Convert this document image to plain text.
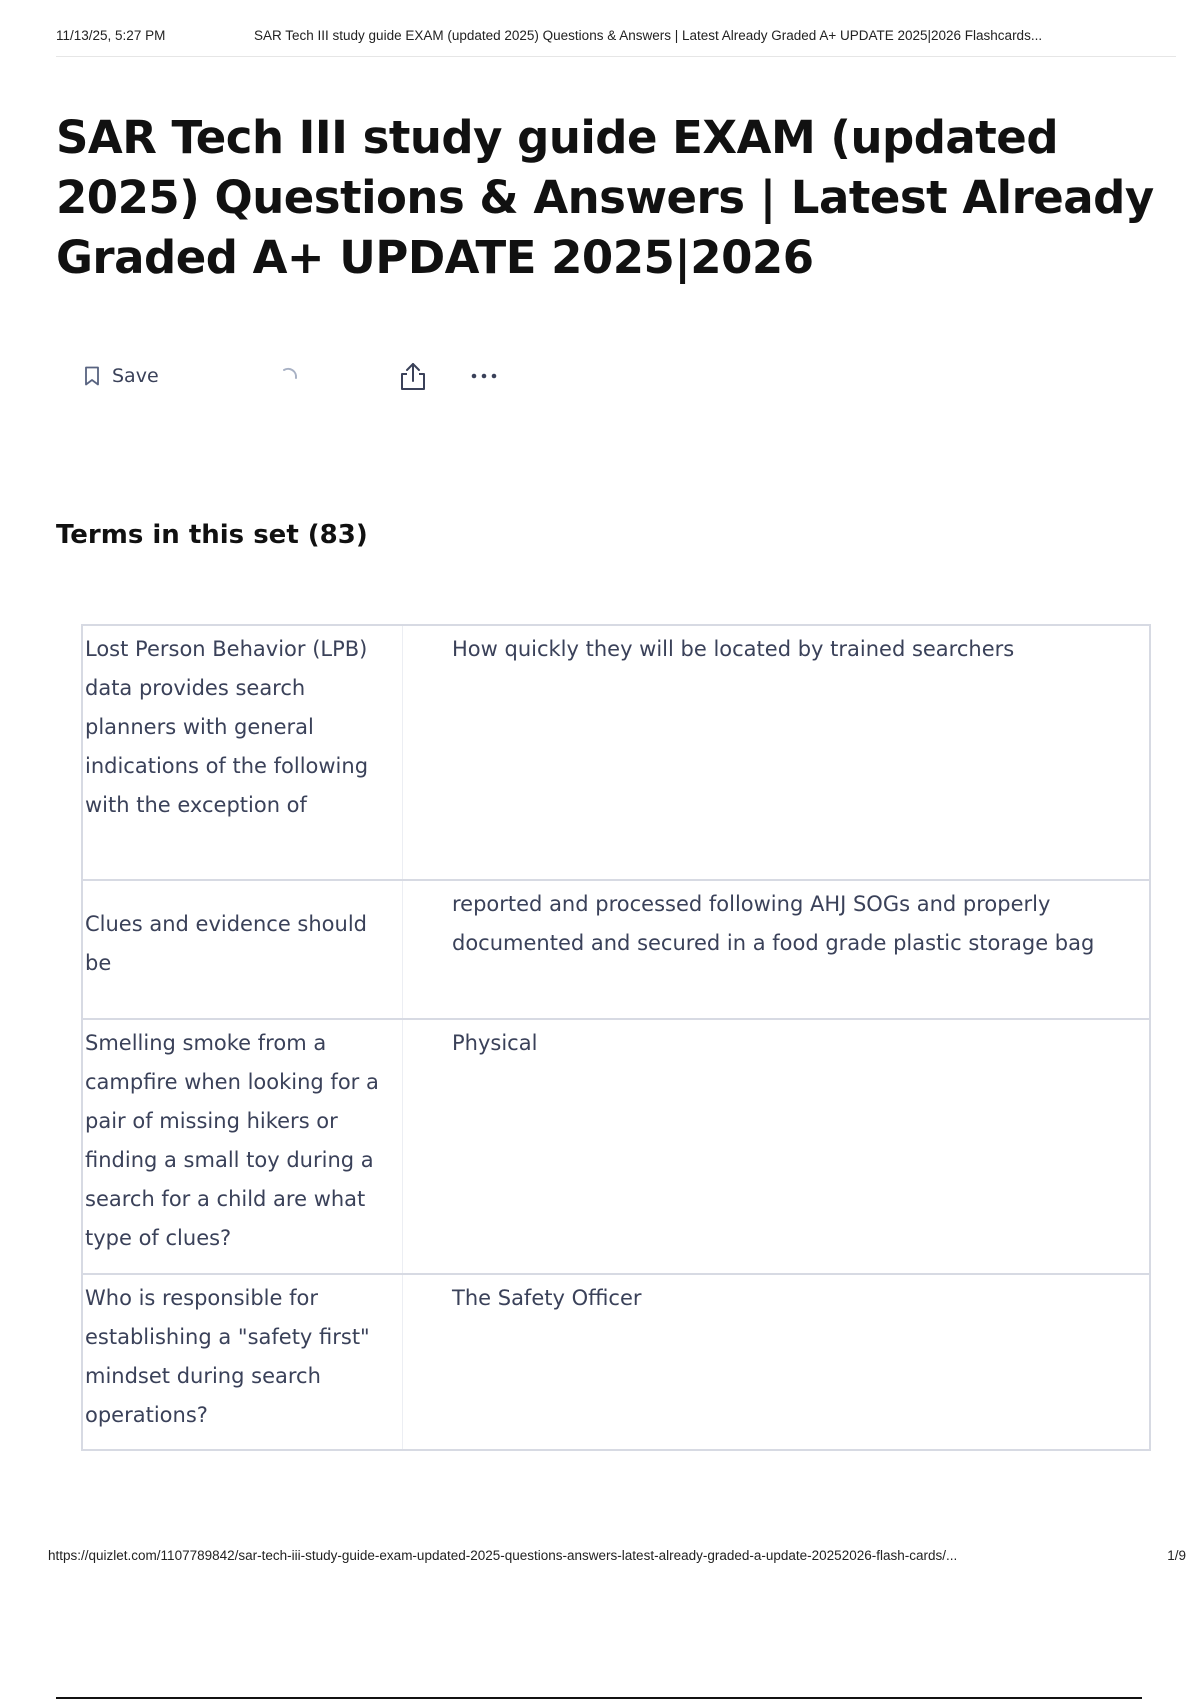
11/13/25, 5:27 PM	SAR Tech III study guide EXAM (updated 2025) Questions & Answers | Latest Already Graded A+ UPDATE 2025|2026 Flashcards...
SAR Tech III study guide EXAM (updated 2025) Questions & Answers | Latest Already Graded A+ UPDATE 2025|2026
Save
Terms in this set (83)
Lost Person Behavior (LPB) data provides search planners with general indications of the following with the exception of
How quickly they will be located by trained searchers
Clues and evidence should be
reported and processed following AHJ SOGs and properly documented and secured in a food grade plastic storage bag
Smelling smoke from a campfire when looking for a pair of missing hikers or finding a small toy during a search for a child are what type of clues?
Physical
Who is responsible for establishing a "safety first" mindset during search operations?
The Safety Officer
https://quizlet.com/1107789842/sar-tech-iii-study-guide-exam-updated-2025-questions-answers-latest-already-graded-a-update-20252026-flash-cards/...	1/9
